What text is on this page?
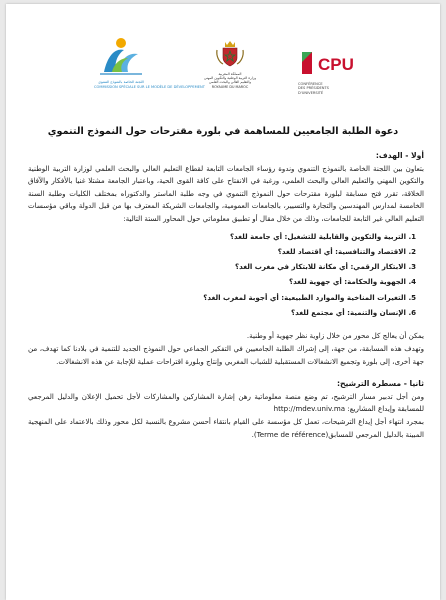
اللجنة الخاصة بالنموذج التنموي
COMMISSION SPÉCIALE SUR LE MODÈLE DE DÉVELOPPEMENT
المملكة المغربية
وزارة التربية الوطنية والتكوين المهني
والتعليم العالي والبحث العلمي
ROYAUME DU MAROC
CPU
CONFÉRENCE
DES PRÉSIDENTS
D'UNIVERSITÉ
دعوة الطلبة الجامعيين للمساهمة في بلورة مقترحات حول النموذج التنموي

أولا - الهدف:

بتعاون بين اللجنة الخاصة بالنموذج التنموي وندوة رؤساء الجامعات التابعة لقطاع التعليم العالي والبحث العلمي لوزارة التربية الوطنية والتكوين المهني والتعليم العالي والبحث العلمي، ورغبة في الانفتاح على كافة القوى الحية، وباعتبار الجامعة مشتلا غنيا بالأفكار والآفاق الخلاقة، تقرر فتح مسابقة لبلورة مقترحات حول النموذج التنموي في وجه طلبة الماستر والدكتوراه بمختلف الكليات وطلبة السنة الخامسة لمدارس المهندسين والتجارة والتسيير، بالجامعات العمومية، والجامعات الشريكة المعترف بها من قبل الدولة وباقي مؤسسات التعليم العالي غير التابعة للجامعات، وذلك من خلال مقال أو تطبيق معلوماتي حول المحاور الستة التالية:

1. التربية والتكوين والقابلية للتشغيل: أي جامعة للغد؟
2. الاقتصاد والتنافسية: أي اقتصاد للغد؟
3. الابتكار الرقمي: أي مكانة للابتكار في مغرب الغد؟
4. الجهوية والحكامة: أي جهوية للغد؟
5. التغيرات المناخية والموارد الطبيعية: أي أجوبة لمغرب الغد؟
6. الإنسان والتنمية: أي مجتمع للغد؟

يمكن أن يعالج كل محور من خلال زاوية نظر جهوية أو وطنية.

وتهدف هذه المسابقة، من جهة، إلى إشراك الطلبة الجامعيين في التفكير الجماعي حول النموذج الجديد للتنمية في بلادنا كما تهدف، من جهة أخرى، إلى بلورة وتجميع الانشغالات المستقبلية للشباب المغربي وإنتاج وبلورة اقتراحات عملية للإجابة عن هذه الانشغالات.

ثانيا - مسطرة الترشيح:

ومن أجل تدبير مسار الترشيح، تم وضع منصة معلوماتية رهن إشارة المشاركين والمشاركات لأجل تحميل الإعلان والدليل المرجعي للمسابقة وإيداع المشاريع: http://mdev.univ.ma

بمجرد انتهاء أجل إيداع الترشيحات، تعمل كل مؤسسة على القيام بانتقاء أحسن مشروع بالنسبة لكل محور وذلك بالاعتماد على المنهجية المبينة بالدليل المرجعي للمسابق(Terme de référence).
